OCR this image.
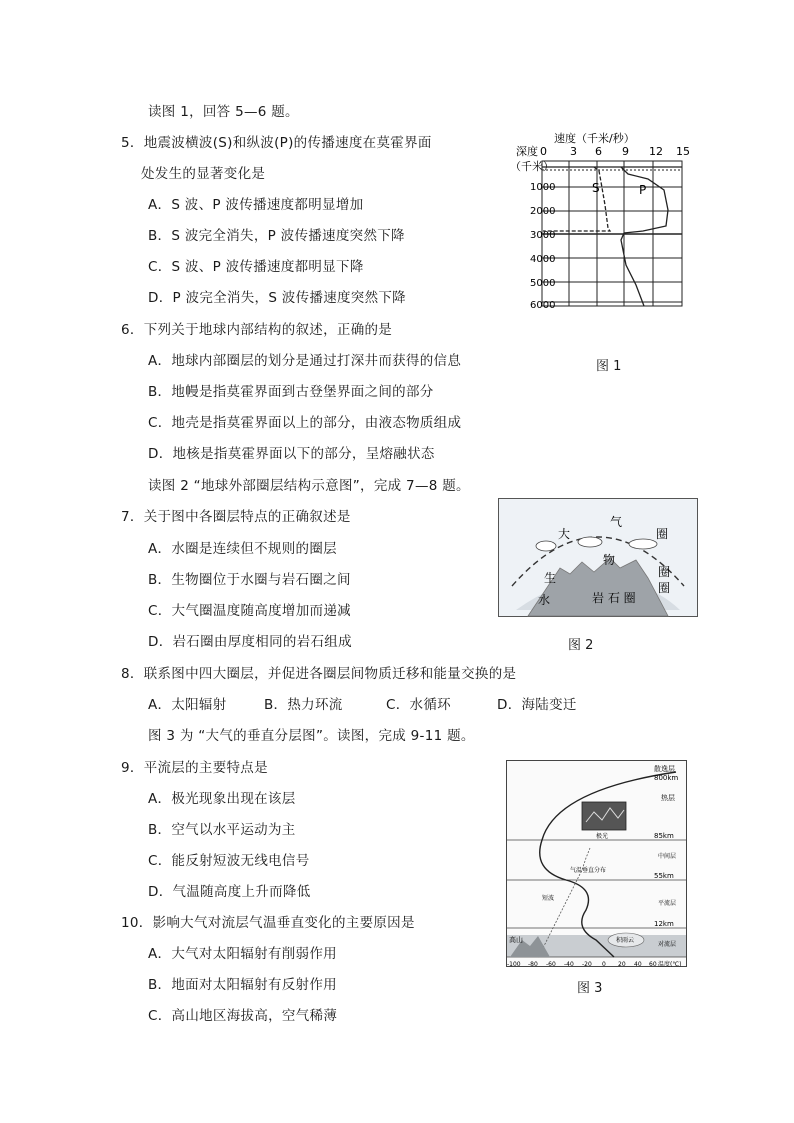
读图 1，回答 5—6 题。
5．地震波横波(S)和纵波(P)的传播速度在莫霍界面
处发生的显著变化是
A．S 波、P 波传播速度都明显增加
B．S 波完全消失，P 波传播速度突然下降
C．S 波、P 波传播速度都明显下降
D．P 波完全消失，S 波传播速度突然下降
6．下列关于地球内部结构的叙述，正确的是
A．地球内部圈层的划分是通过打深井而获得的信息
B．地幔是指莫霍界面到古登堡界面之间的部分
C．地壳是指莫霍界面以上的部分，由液态物质组成
D．地核是指莫霍界面以下的部分，呈熔融状态
读图 2 “地球外部圈层结构示意图”，完成 7—8 题。
7．关于图中各圈层特点的正确叙述是
A．水圈是连续但不规则的圈层
B．生物圈位于水圈与岩石圈之间
C．大气圈温度随高度增加而递减
D．岩石圈由厚度相同的岩石组成
8．联系图中四大圈层，并促进各圈层间物质迁移和能量交换的是
A．太阳辐射	B．热力环流	C．水循环	D．海陆变迁
图 3 为 “大气的垂直分层图”。读图，完成 9-11 题。
9．平流层的主要特点是
A．极光现象出现在该层
B．空气以水平运动为主
C．能反射短波无线电信号
D．气温随高度上升而降低
10．影响大气对流层气温垂直变化的主要原因是
A．大气对太阳辐射有削弱作用
B．地面对太阳辐射有反射作用
C．高山地区海拔高，空气稀薄
速度（千米/秒）
深度 0 3 6 9 12 15
（千米）
1000
2000
3000
4000
5000
6000
S	P
图 1
大
气
圈
生
物
圈
圈
水	岩 石 圈
图 2
散逸层
800km
85km
55km
12km
热层
中间层
平流层
对流层
极光
气温垂直分布
短波
高山	积雨云
-100 -80 -60 -40 -20 0 20 40 60 温度(℃)
图 3
